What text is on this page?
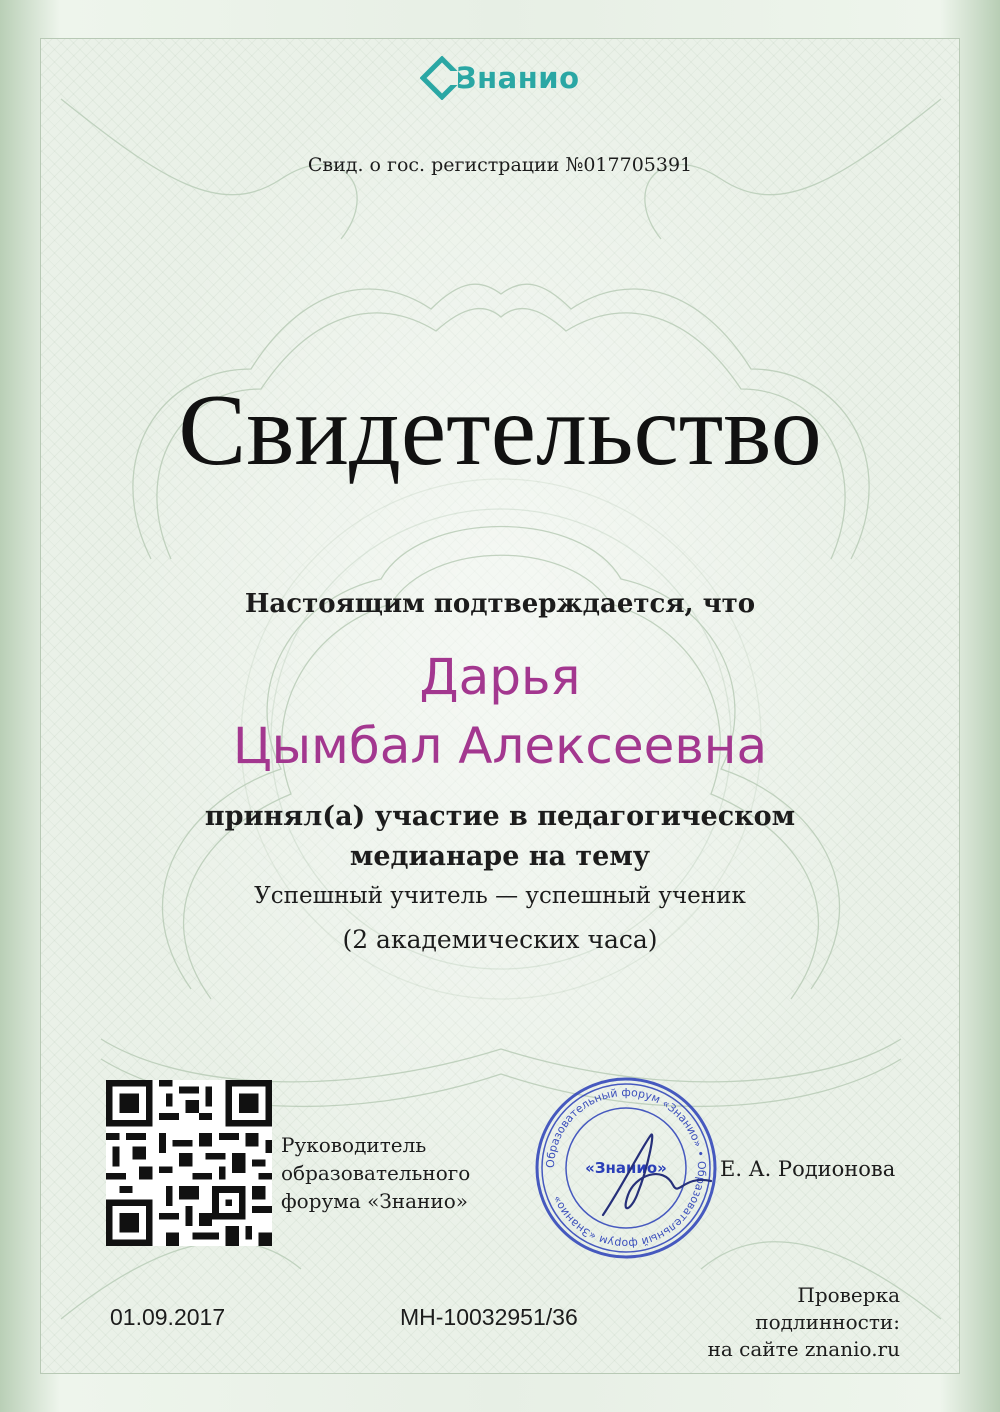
Знанио
Свид. о гос. регистрации №017705391
Свидетельство
Настоящим подтверждается, что
Дарья
Цымбал Алексеевна
принял(а) участие в педагогическом
медианаре на тему
Успешный учитель — успешный ученик
(2 академических часа)
Руководитель
образовательного
форума «Знанио»
Образовательный форум «Знанио» • Образовательный форум «Знанио»
«Знанио»	Е. А. Родионова
01.09.2017	МН-10032951/36
Проверка
подлинности:
на сайте znanio.ru
